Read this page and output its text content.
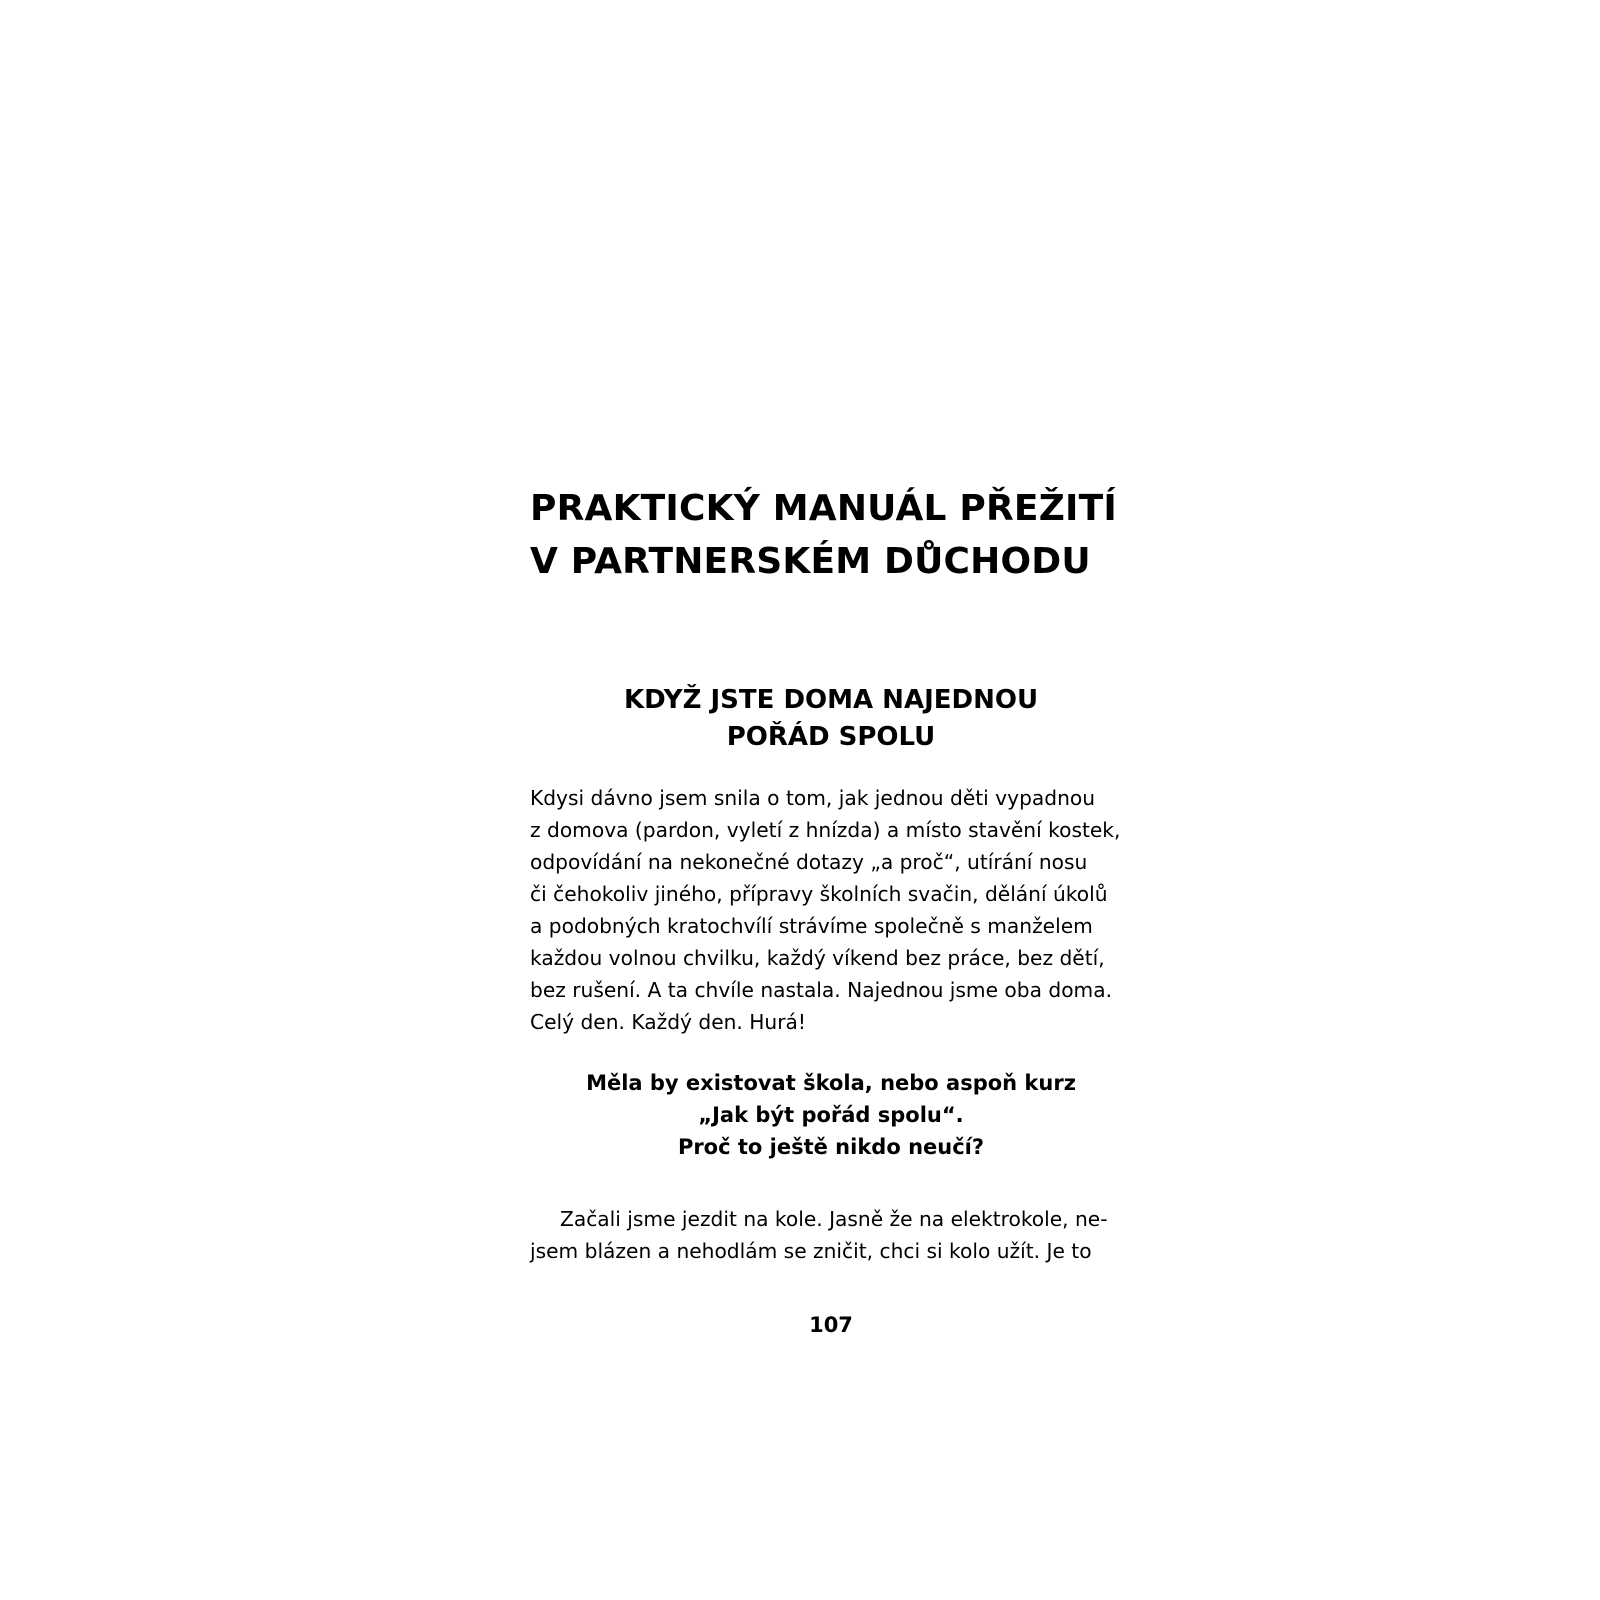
PRAKTICKÝ MANUÁL PŘEŽITÍ
V PARTNERSKÉM DŮCHODU
KDYŽ JSTE DOMA NAJEDNOU
POŘÁD SPOLU

Kdysi dávno jsem snila o tom, jak jednou děti vypadnou
z domova (pardon, vyletí z hnízda) a místo stavění kostek,
odpovídání na nekonečné dotazy „a proč“, utírání nosu
či čehokoliv jiného, přípravy školních svačin, dělání úkolů
a podobných kratochvílí strávíme společně s manželem
každou volnou chvilku, každý víkend bez práce, bez dětí,
bez rušení. A ta chvíle nastala. Najednou jsme oba doma.
Celý den. Každý den. Hurá!

Měla by existovat škola, nebo aspoň kurz
„Jak být pořád spolu“.
Proč to ještě nikdo neučí?

Začali jsme jezdit na kole. Jasně že na elektrokole, ne-
jsem blázen a nehodlám se zničit, chci si kolo užít. Je to

107
